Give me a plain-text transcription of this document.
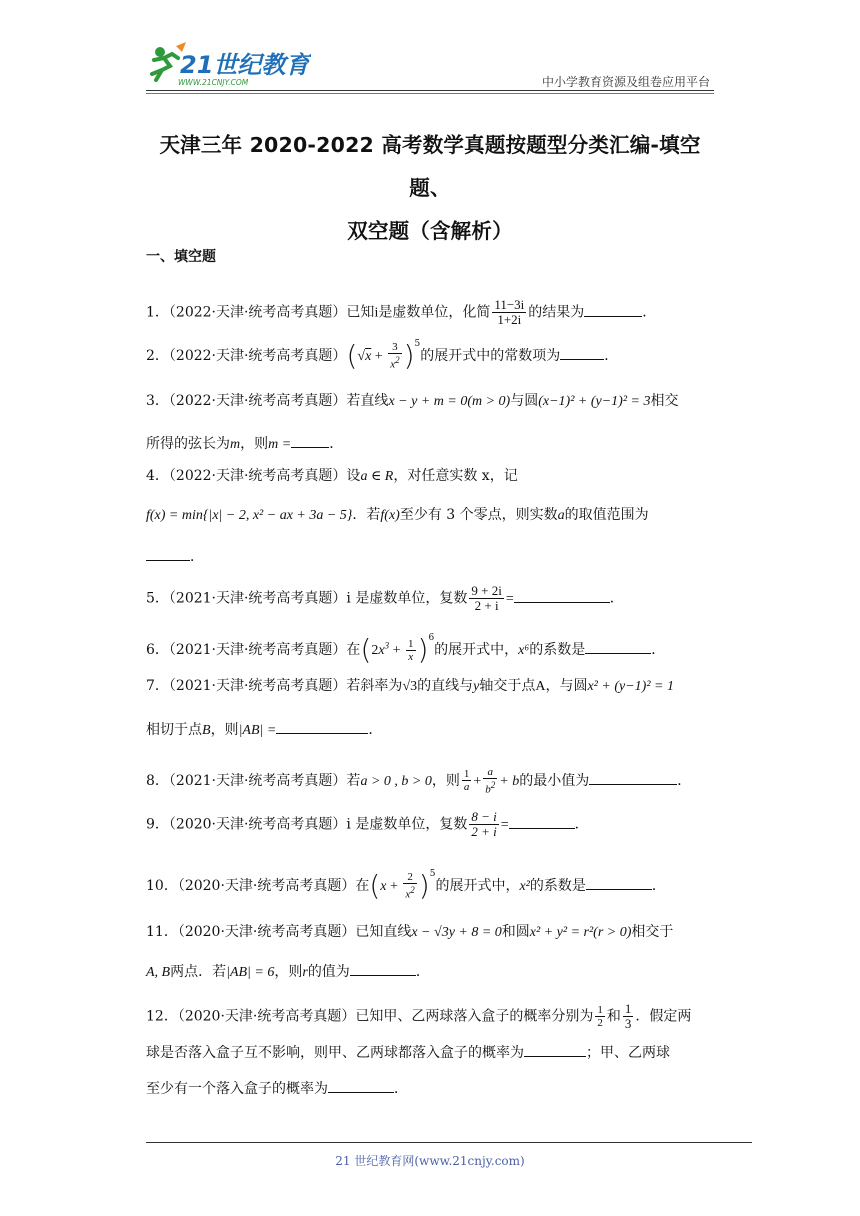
21世纪教育
WWW.21CNJY.COM	中小学教育资源及组卷应用平台
天津三年 2020-2022 高考数学真题按题型分类汇编-填空题、
双空题（含解析）
一、填空题
1．（2022·天津·统考高考真题）已知i是虚数单位，化简 $\frac{11-3i}{1+2i}$ 的结果为	．
2．（2022·天津·统考高考真题）$(√x + \frac{3}{x^2} )^5$的展开式中的常数项为	．
3．（2022·天津·统考高考真题）若直线x − y + m = 0(m > 0)与圆(x−1)² + (y−1)² = 3相交
所得的弦长为m，则m =	．
4．（2022·天津·统考高考真题）设a ∈ R，对任意实数 x，记
f(x) = min{|x| − 2, x² − ax + 3a − 5}．若f(x)至少有 3 个零点，则实数a的取值范围为
．
5．（2021·天津·统考高考真题）i 是虚数单位，复数 $\frac{9 + 2i}{2 + i}$ =	．
6．（2021·天津·统考高考真题）在$(2x^3 + \frac{1}{x} )^6$的展开式中，x⁶的系数是	．
7．（2021·天津·统考高考真题）若斜率为√3的直线与y轴交于点A，与圆x² + (y−1)² = 1
相切于点B，则|AB| =	．
8．（2021·天津·统考高考真题）若a > 0 , b > 0，则 $\frac{1}{a} + \frac{a}{b^2} + b$的最小值为	．
9．（2020·天津·统考高考真题）i 是虚数单位，复数 $\frac{8 - i}{2 + i}$ =	．
10．（2020·天津·统考高考真题）在$(x + \frac{2}{x^2} )^5$的展开式中，x²的系数是	．
11．（2020·天津·统考高考真题）已知直线x − √3y + 8 = 0和圆x² + y² = r²(r > 0)相交于
A, B两点．若|AB| = 6，则r的值为	．
12．（2020·天津·统考高考真题）已知甲、乙两球落入盒子的概率分别为 $\frac{1}{2}$ 和 $\frac{1}{3}$ ．假定两
球是否落入盒子互不影响，则甲、乙两球都落入盒子的概率为	；甲、乙两球
至少有一个落入盒子的概率为	．
21 世纪教育网(www.21cnjy.com)
